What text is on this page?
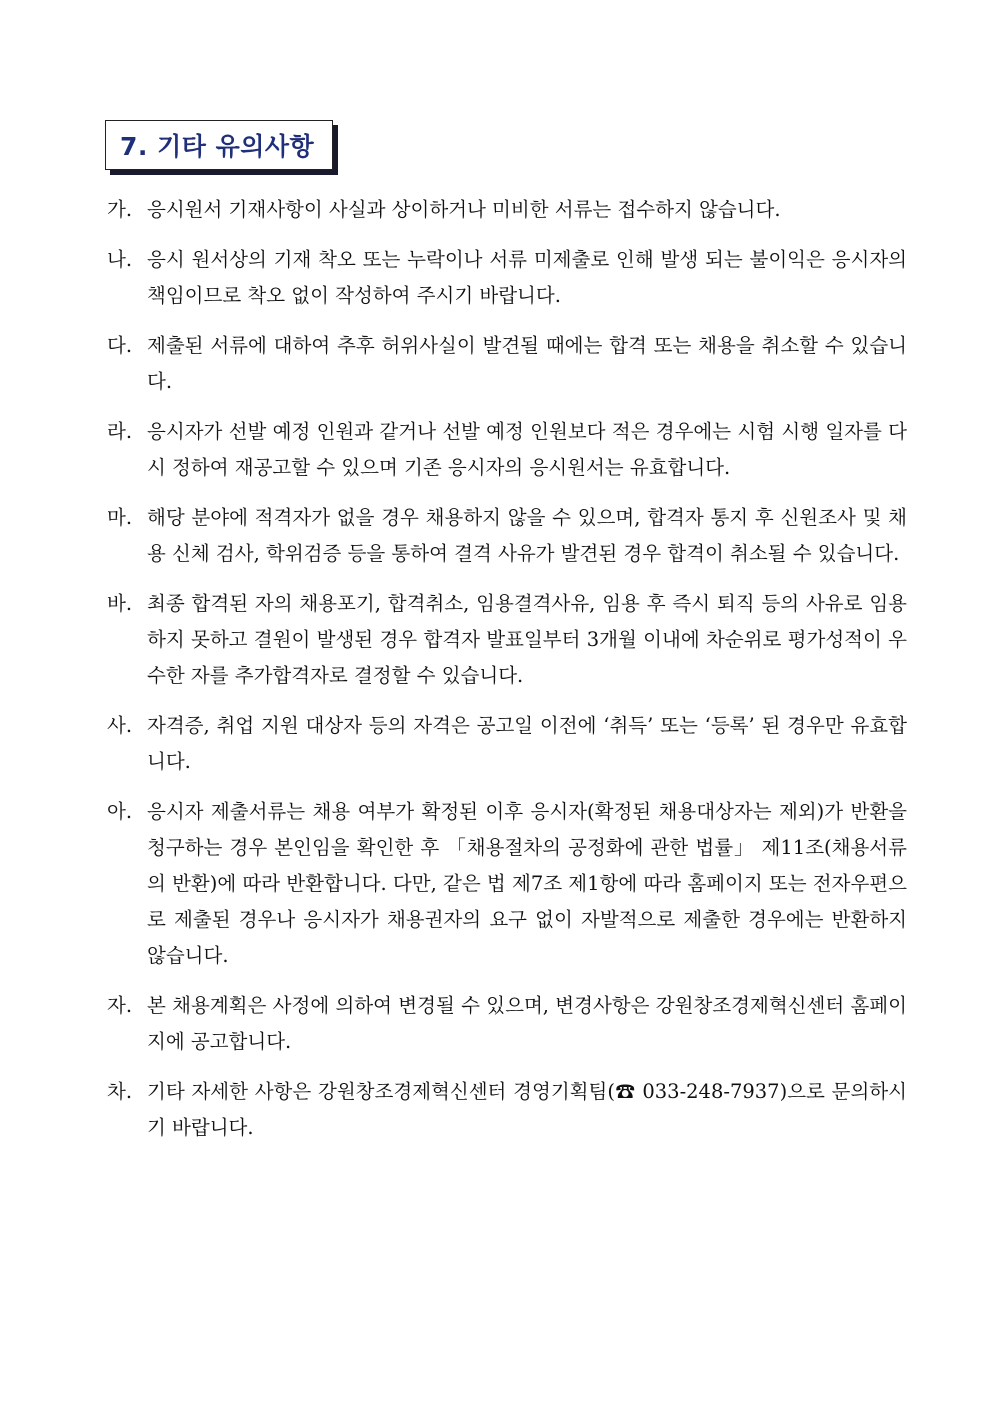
7. 기타 유의사항
가. 응시원서 기재사항이 사실과 상이하거나 미비한 서류는 접수하지 않습니다.
나. 응시 원서상의 기재 착오 또는 누락이나 서류 미제출로 인해 발생 되는 불이익은 응시자의 책임이므로 착오 없이 작성하여 주시기 바랍니다.
다. 제출된 서류에 대하여 추후 허위사실이 발견될 때에는 합격 또는 채용을 취소할 수 있습니다.
라. 응시자가 선발 예정 인원과 같거나 선발 예정 인원보다 적은 경우에는 시험 시행 일자를 다시 정하여 재공고할 수 있으며 기존 응시자의 응시원서는 유효합니다.
마. 해당 분야에 적격자가 없을 경우 채용하지 않을 수 있으며, 합격자 통지 후 신원조사 및 채용 신체 검사, 학위검증 등을 통하여 결격 사유가 발견된 경우 합격이 취소될 수 있습니다.
바. 최종 합격된 자의 채용포기, 합격취소, 임용결격사유, 임용 후 즉시 퇴직 등의 사유로 임용하지 못하고 결원이 발생된 경우 합격자 발표일부터 3개월 이내에 차순위로 평가성적이 우수한 자를 추가합격자로 결정할 수 있습니다.
사. 자격증, 취업 지원 대상자 등의 자격은 공고일 이전에 ‘취득’ 또는 ‘등록’ 된 경우만 유효합니다.
아. 응시자 제출서류는 채용 여부가 확정된 이후 응시자(확정된 채용대상자는 제외)가 반환을 청구하는 경우 본인임을 확인한 후 「채용절차의 공정화에 관한 법률」 제11조(채용서류의 반환)에 따라 반환합니다. 다만, 같은 법 제7조 제1항에 따라 홈페이지 또는 전자우편으로 제출된 경우나 응시자가 채용권자의 요구 없이 자발적으로 제출한 경우에는 반환하지 않습니다.
자. 본 채용계획은 사정에 의하여 변경될 수 있으며, 변경사항은 강원창조경제혁신센터 홈페이지에 공고합니다.
차. 기타 자세한 사항은 강원창조경제혁신센터 경영기획팀(☎ 033-248-7937)으로 문의하시기 바랍니다.
